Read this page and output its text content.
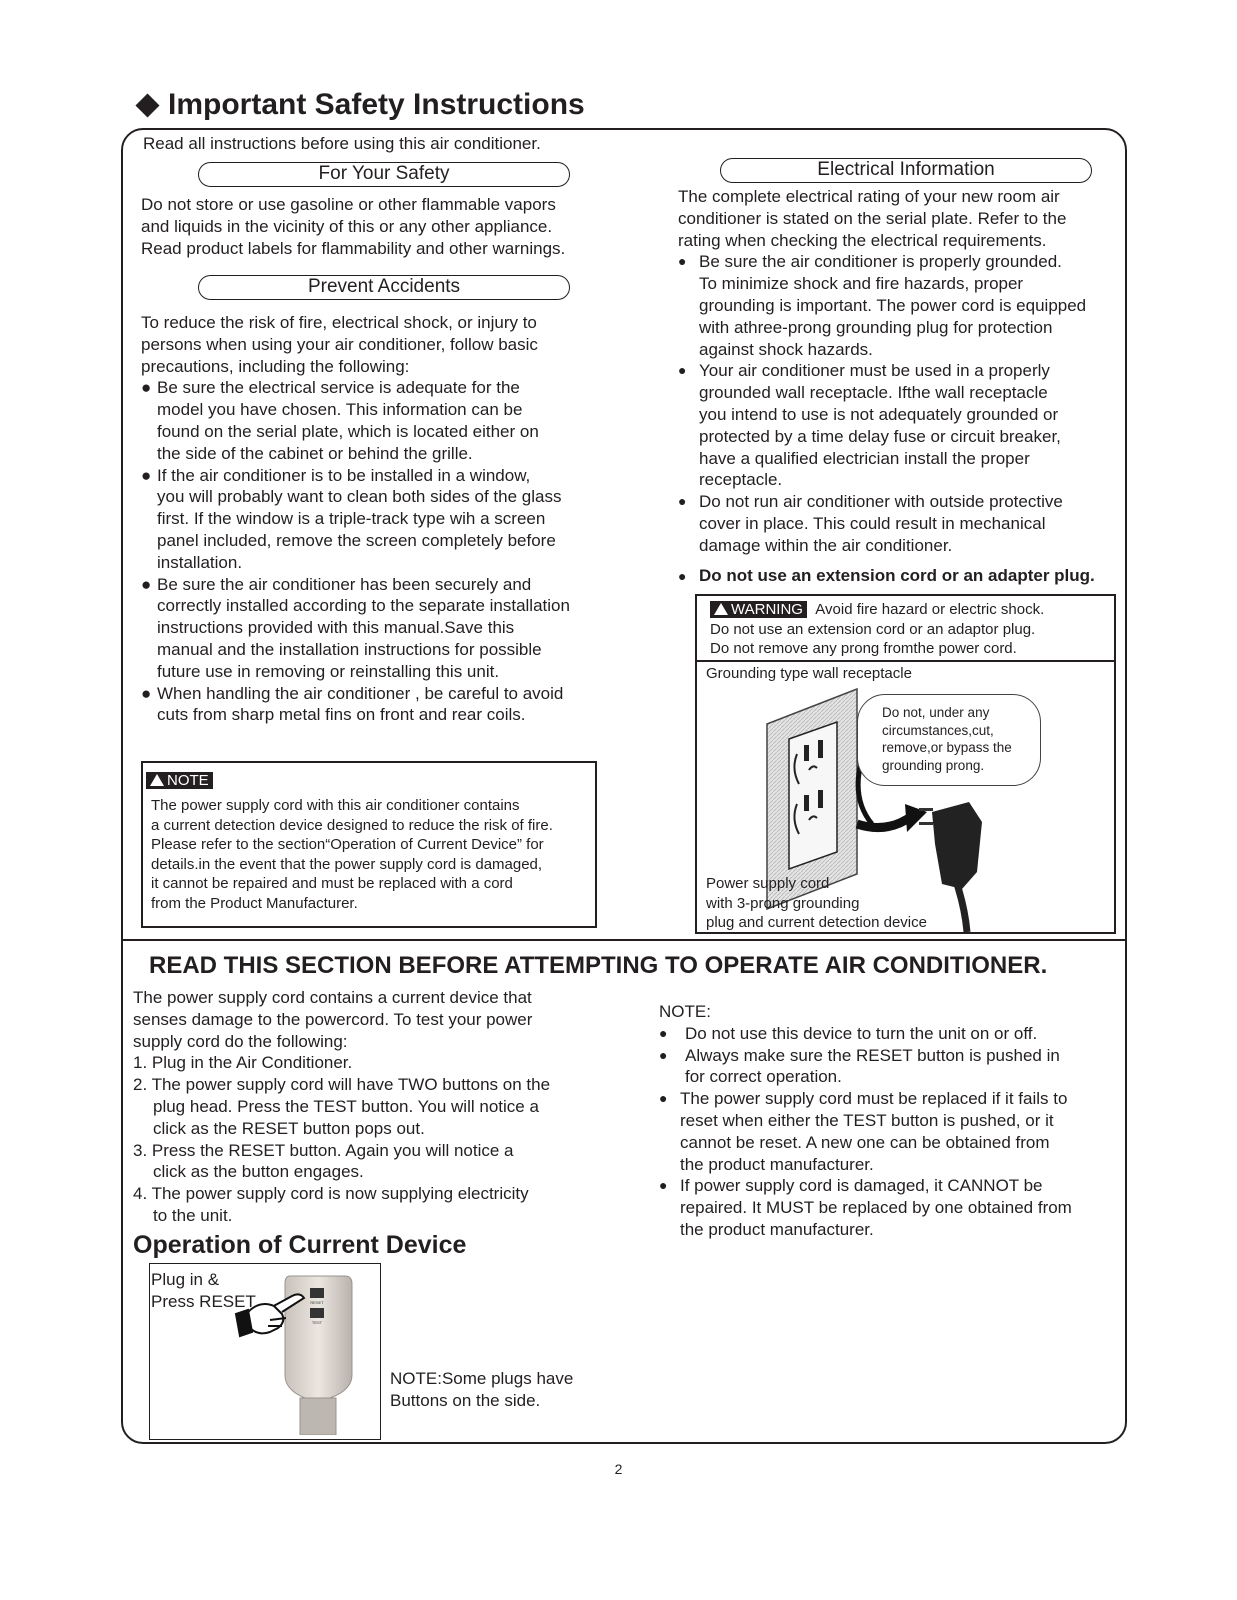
Important Safety Instructions
Read all instructions before using this air conditioner.
For Your Safety
Do not store or use gasoline or other flammable vapors
and liquids in the vicinity of this or any other appliance.
Read product labels for flammability and other warnings.
Prevent Accidents
To reduce the risk of fire, electrical shock, or injury to
persons when using your air conditioner, follow basic
precautions, including the following:
● Be sure the electrical service is adequate for the
model you have chosen. This information can be
found on the serial plate, which is located either on
the side of the cabinet or behind the grille.
● If the air conditioner is to be installed in a window,
you will probably want to clean both sides of the glass
first. If the window is a triple-track type wih a screen
panel included, remove the screen completely before
installation.
● Be sure the air conditioner has been securely and
correctly installed according to the separate installation
instructions provided with this manual.Save this
manual and the installation instructions for possible
future use in removing or reinstalling this unit.
● When handling the air conditioner , be careful to avoid
cuts from sharp metal fins on front and rear coils.
NOTE
The power supply cord with this air conditioner contains
a current detection device designed to reduce the risk of fire.
Please refer to the section“Operation of Current Device” for
details.in the event that the power supply cord is damaged,
it cannot be repaired and must be replaced with a cord
from the Product Manufacturer.
Electrical Information
The complete electrical rating of your new room air
conditioner is stated on the serial plate. Refer to the
rating when checking the electrical requirements.
● Be sure the air conditioner is properly grounded.
To minimize shock and fire hazards, proper
grounding is important. The power cord is equipped
with athree-prong grounding plug for protection
against shock hazards.
● Your air conditioner must be used in a properly
grounded wall receptacle. Ifthe wall receptacle
you intend to use is not adequately grounded or
protected by a time delay fuse or circuit breaker,
have a qualified electrician install the proper
receptacle.
● Do not run air conditioner with outside protective
cover in place. This could result in mechanical
damage within the air conditioner.
● Do not use an extension cord or an adapter plug.
WARNING Avoid fire hazard or electric shock.
Do not use an extension cord or an adaptor plug.
Do not remove any prong fromthe power cord.
Grounding type wall receptacle
Do not, under any
circumstances,cut,
remove,or bypass the
grounding prong.
Power supply cord
with 3-prong grounding
plug and current detection device
READ THIS SECTION BEFORE ATTEMPTING TO OPERATE AIR CONDITIONER.
The power supply cord contains a current device that
senses damage to the powercord. To test your power
supply cord do the following:
1. Plug in the Air Conditioner.
2. The power supply cord will have TWO buttons on the
plug head. Press the TEST button. You will notice a
click as the RESET button pops out.
3. Press the RESET button. Again you will notice a
click as the button engages.
4. The power supply cord is now supplying electricity
to the unit.
NOTE:
● Do not use this device to turn the unit on or off.
● Always make sure the RESET button is pushed in
for correct operation.
● The power supply cord must be replaced if it fails to
reset when either the TEST button is pushed, or it
cannot be reset. A new one can be obtained from
the product manufacturer.
● If power supply cord is damaged, it CANNOT be
repaired. It MUST be replaced by one obtained from
the product manufacturer.
Operation of Current Device
RESET
TEST
Plug in &
Press RESET
NOTE:Some plugs have
Buttons on the side.
2
